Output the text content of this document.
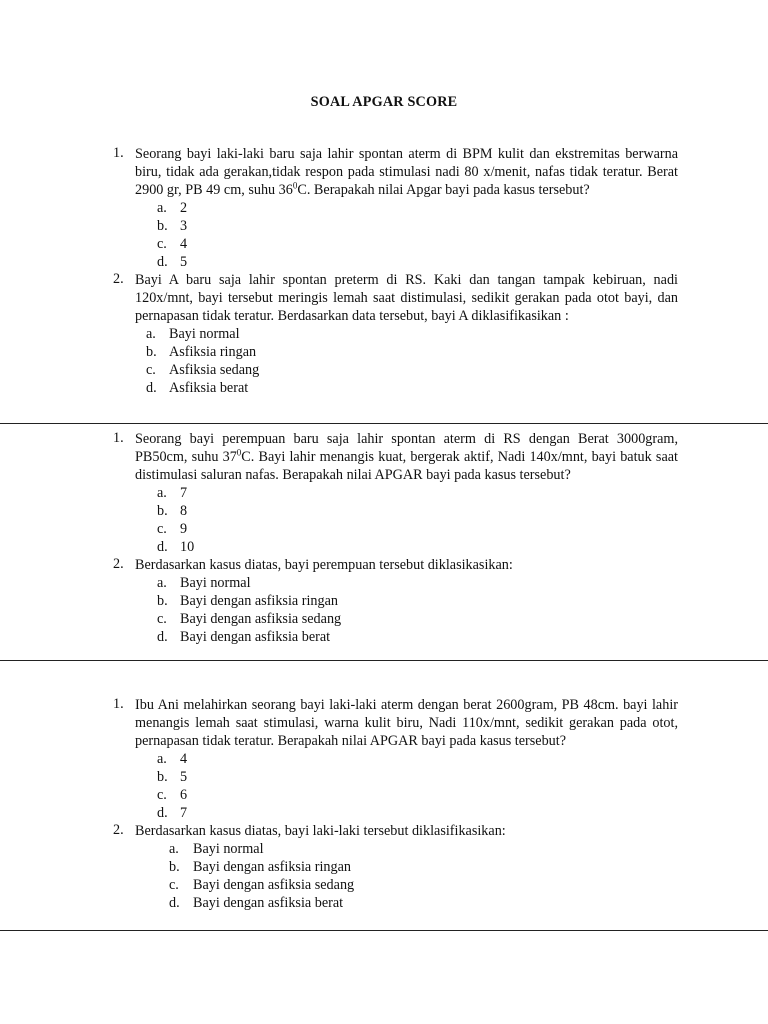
SOAL APGAR SCORE
1. Seorang bayi laki-laki baru saja lahir spontan aterm di BPM kulit dan ekstremitas berwarna biru, tidak ada gerakan,tidak respon pada stimulasi nadi 80 x/menit, nafas tidak teratur. Berat 2900 gr, PB 49 cm, suhu $36^0C$. Berapakah nilai Apgar bayi pada kasus tersebut?
a. 2
b. 3
c. 4
d. 5
2. Bayi A baru saja lahir spontan preterm di RS. Kaki dan tangan tampak kebiruan, nadi 120x/mnt, bayi tersebut meringis lemah saat distimulasi, sedikit gerakan pada otot bayi, dan pernapasan tidak teratur. Berdasarkan data tersebut, bayi A diklasifikasikan :
a. Bayi normal
b. Asfiksia ringan
c. Asfiksia sedang
d. Asfiksia berat
1. Seorang bayi perempuan baru saja lahir spontan aterm di RS dengan Berat 3000gram, PB50cm, suhu $37^0C$. Bayi lahir menangis kuat, bergerak aktif, Nadi 140x/mnt, bayi batuk saat distimulasi saluran nafas. Berapakah nilai APGAR bayi pada kasus tersebut?
a. 7
b. 8
c. 9
d. 10
2. Berdasarkan kasus diatas, bayi perempuan tersebut diklasikasikan:
a. Bayi normal
b. Bayi dengan asfiksia ringan
c. Bayi dengan asfiksia sedang
d. Bayi dengan asfiksia berat
1. Ibu Ani melahirkan seorang bayi laki-laki aterm dengan berat 2600gram, PB 48cm. bayi lahir menangis lemah saat stimulasi, warna kulit biru, Nadi 110x/mnt, sedikit gerakan pada otot, pernapasan tidak teratur. Berapakah nilai APGAR bayi pada kasus tersebut?
a. 4
b. 5
c. 6
d. 7
2. Berdasarkan kasus diatas, bayi laki-laki tersebut diklasifikasikan:
a. Bayi normal
b. Bayi dengan asfiksia ringan
c. Bayi dengan asfiksia sedang
d. Bayi dengan asfiksia berat
